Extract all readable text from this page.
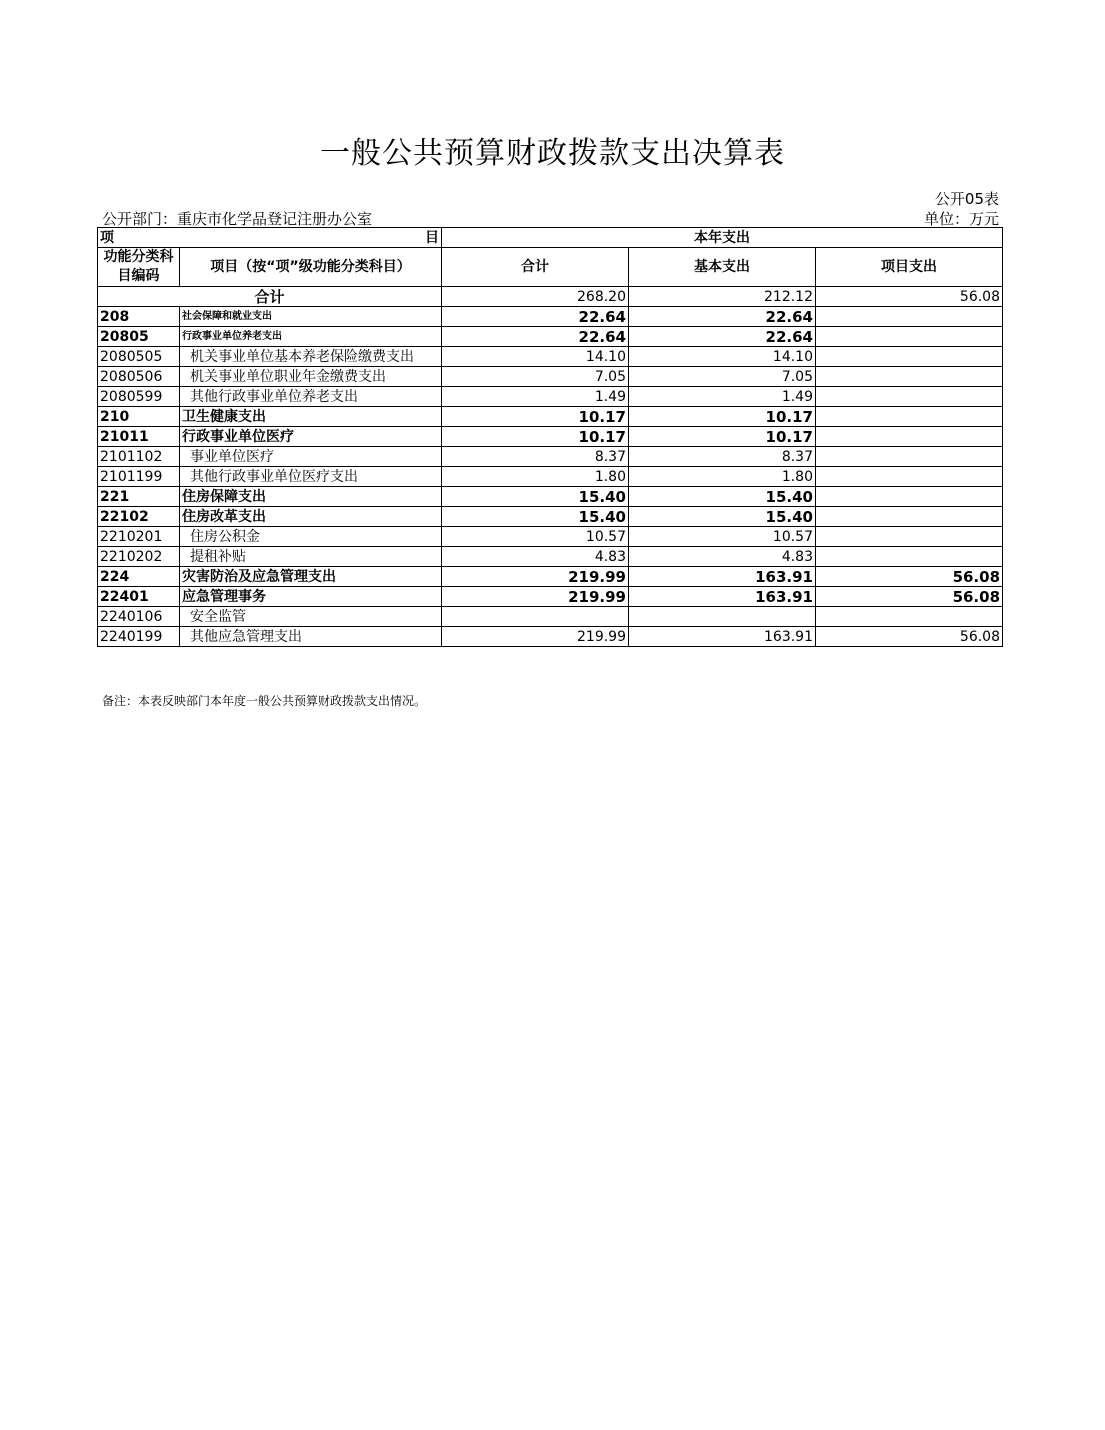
一般公共预算财政拨款支出决算表
公开05表
公开部门：重庆市化学品登记注册办公室	单位：万元
项 目		本年支出		
功能分类科目编码	项目（按“项”级功能分类科目）	合计	基本支出	项目支出
合计		268.20	212.12	56.08
208	社会保障和就业支出	22.64	22.64	
20805	行政事业单位养老支出	22.64	22.64	
2080505	机关事业单位基本养老保险缴费支出	14.10	14.10	
2080506	机关事业单位职业年金缴费支出	7.05	7.05	
2080599	其他行政事业单位养老支出	1.49	1.49	
210	卫生健康支出	10.17	10.17	
21011	行政事业单位医疗	10.17	10.17	
2101102	事业单位医疗	8.37	8.37	
2101199	其他行政事业单位医疗支出	1.80	1.80	
221	住房保障支出	15.40	15.40	
22102	住房改革支出	15.40	15.40	
2210201	住房公积金	10.57	10.57	
2210202	提租补贴	4.83	4.83	
224	灾害防治及应急管理支出	219.99	163.91	56.08
22401	应急管理事务	219.99	163.91	56.08
2240106	安全监管			
2240199	其他应急管理支出	219.99	163.91	56.08
备注：本表反映部门本年度一般公共预算财政拨款支出情况。
